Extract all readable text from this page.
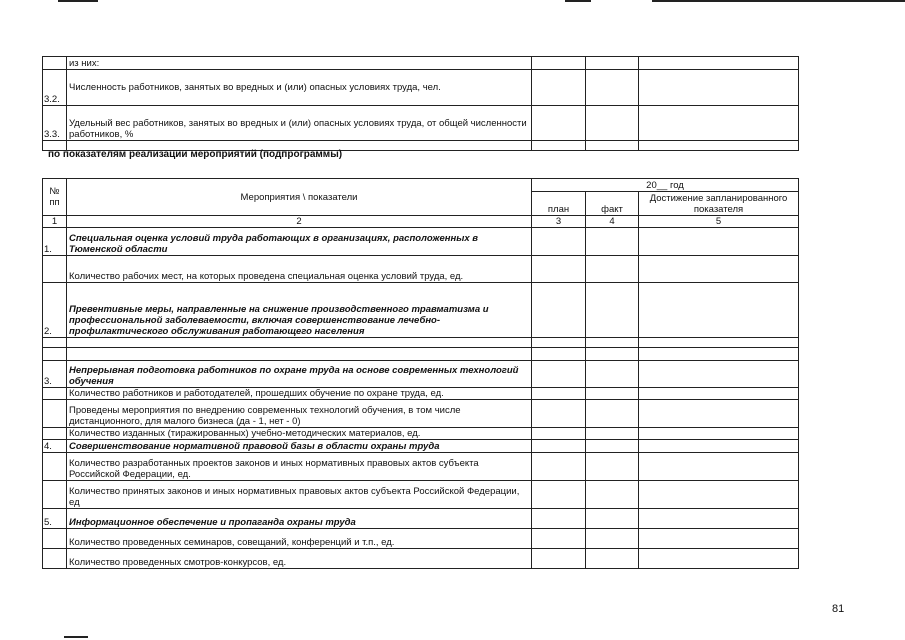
	из них:			
3.2.	Численность работников, занятых во вредных и (или) опасных условиях труда, чел.			
3.3.	Удельный вес работников, занятых во вредных и (или) опасных условиях труда, от общей численности работников, %			

по показателям реализации мероприятий (подпрограммы)
№ пп	Мероприятия \ показатели	20__ год		
		план	факт	Достижение запланированного показателя

1	2	3	4	5
1.	Специальная оценка условий труда работающих в организациях, расположенных в Тюменской области			
	Количество рабочих мест, на которых проведена специальная оценка условий труда, ед.			
2.	Превентивные меры, направленные на снижение производственного травматизма и профессиональной заболеваемости, включая совершенствование лечебно-профилактического обслуживания работающего населения			

3.	Непрерывная подготовка работников по охране труда на основе современных технологий обучения			
	Количество работников и работодателей, прошедших обучение по охране труда, ед.			
	Проведены мероприятия по внедрению современных технологий обучения, в том числе дистанционного, для малого бизнеса (да - 1, нет - 0)			
	Количество изданных (тиражированных) учебно-методических материалов, ед.			
4.	Совершенствование нормативной правовой базы в области охраны труда			
	Количество разработанных проектов законов и иных нормативных правовых актов субъекта Российской Федерации, ед.			
	Количество принятых законов и иных нормативных правовых актов субъекта Российской Федерации, ед			
5.	Информационное обеспечение и пропаганда охраны труда			
	Количество проведенных семинаров, совещаний, конференций и т.п., ед.			
	Количество проведенных смотров-конкурсов, ед.			
81
